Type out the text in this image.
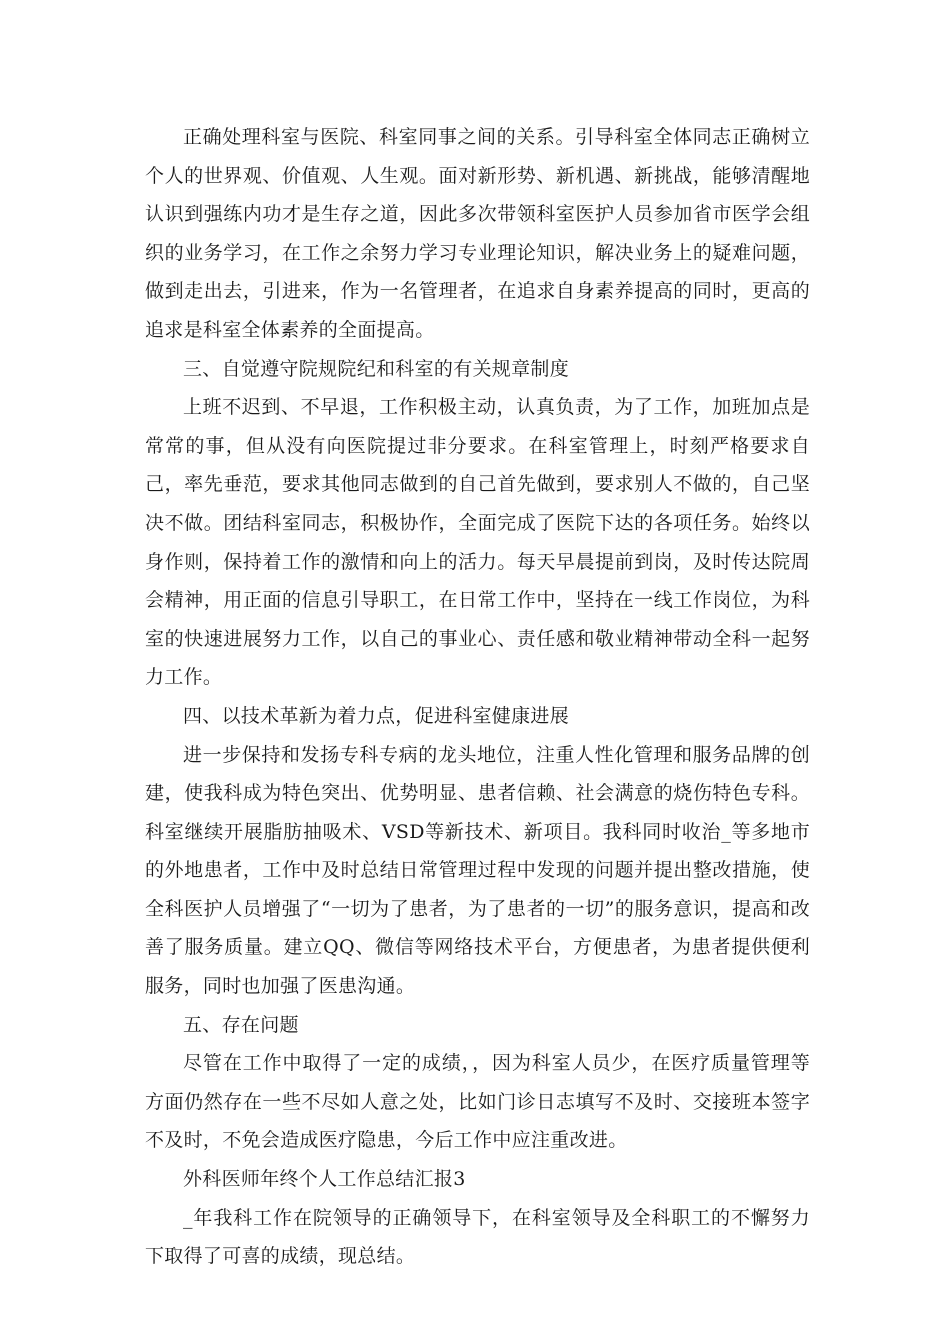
正确处理科室与医院、科室同事之间的关系。引导科室全体同志正确树立个人的世界观、价值观、人生观。面对新形势、新机遇、新挑战，能够清醒地认识到强练内功才是生存之道，因此多次带领科室医护人员参加省市医学会组织的业务学习，在工作之余努力学习专业理论知识，解决业务上的疑难问题，做到走出去，引进来，作为一名管理者，在追求自身素养提高的同时，更高的追求是科室全体素养的全面提高。

三、自觉遵守院规院纪和科室的有关规章制度

上班不迟到、不早退，工作积极主动，认真负责，为了工作，加班加点是常常的事，但从没有向医院提过非分要求。在科室管理上，时刻严格要求自己，率先垂范，要求其他同志做到的自己首先做到，要求别人不做的，自己坚决不做。团结科室同志，积极协作，全面完成了医院下达的各项任务。始终以身作则，保持着工作的激情和向上的活力。每天早晨提前到岗，及时传达院周会精神，用正面的信息引导职工，在日常工作中，坚持在一线工作岗位，为科室的快速进展努力工作，以自己的事业心、责任感和敬业精神带动全科一起努力工作。

四、以技术革新为着力点，促进科室健康进展

进一步保持和发扬专科专病的龙头地位，注重人性化管理和服务品牌的创建，使我科成为特色突出、优势明显、患者信赖、社会满意的烧伤特色专科。科室继续开展脂肪抽吸术、VSD等新技术、新项目。我科同时收治_等多地市的外地患者，工作中及时总结日常管理过程中发现的问题并提出整改措施，使全科医护人员增强了“一切为了患者，为了患者的一切”的服务意识，提高和改善了服务质量。建立QQ、微信等网络技术平台，方便患者，为患者提供便利服务，同时也加强了医患沟通。

五、存在问题

尽管在工作中取得了一定的成绩，，因为科室人员少，在医疗质量管理等方面仍然存在一些不尽如人意之处，比如门诊日志填写不及时、交接班本签字不及时，不免会造成医疗隐患，今后工作中应注重改进。

外科医师年终个人工作总结汇报3

_年我科工作在院领导的正确领导下，在科室领导及全科职工的不懈努力下取得了可喜的成绩，现总结。
